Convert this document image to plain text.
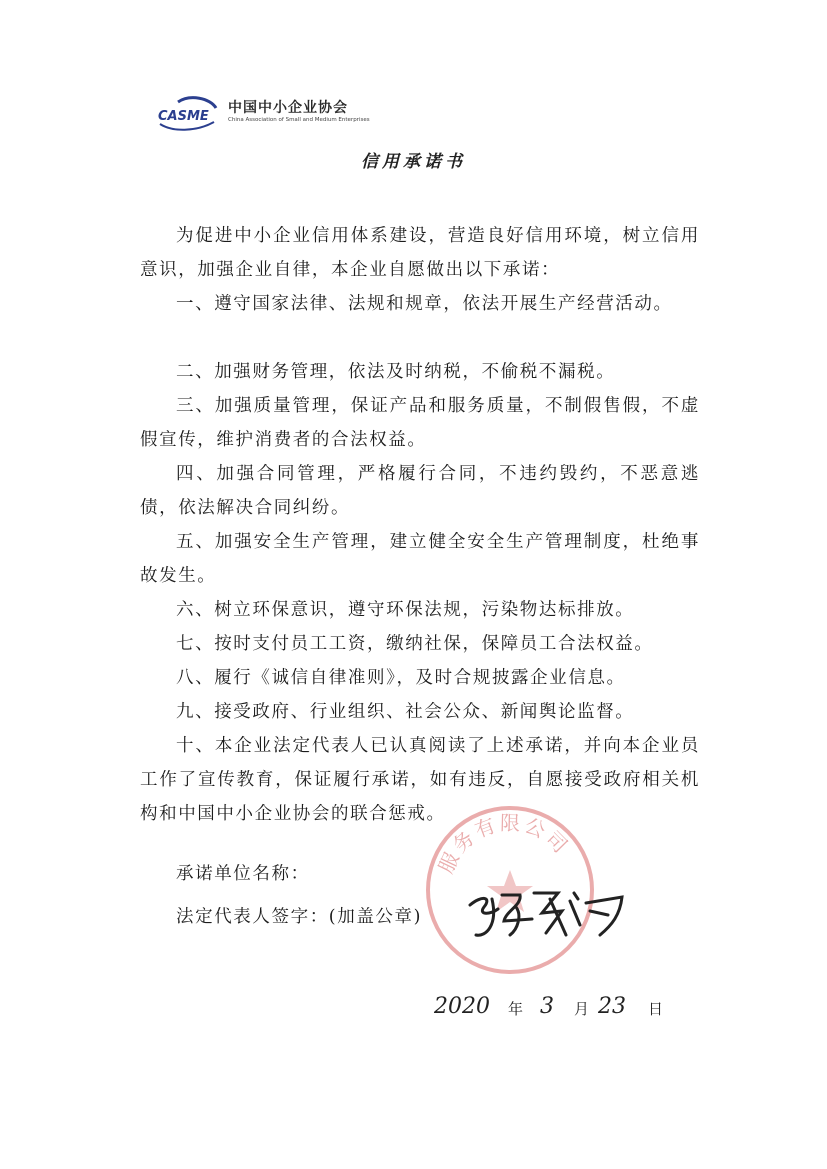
CASME
中国中小企业协会
China Association of Small and Medium Enterprises
信用承诺书
为促进中小企业信用体系建设，营造良好信用环境，树立信用意识，加强企业自律，本企业自愿做出以下承诺：
一、遵守国家法律、法规和规章，依法开展生产经营活动。
二、加强财务管理，依法及时纳税，不偷税不漏税。
三、加强质量管理，保证产品和服务质量，不制假售假，不虚假宣传，维护消费者的合法权益。
四、加强合同管理，严格履行合同，不违约毁约，不恶意逃债，依法解决合同纠纷。
五、加强安全生产管理，建立健全安全生产管理制度，杜绝事故发生。
六、树立环保意识，遵守环保法规，污染物达标排放。
七、按时支付员工工资，缴纳社保，保障员工合法权益。
八、履行《诚信自律准则》，及时合规披露企业信息。
九、接受政府、行业组织、社会公众、新闻舆论监督。
十、本企业法定代表人已认真阅读了上述承诺，并向本企业员工作了宣传教育，保证履行承诺，如有违反，自愿接受政府相关机构和中国中小企业协会的联合惩戒。
服务有限公司
承诺单位名称：
法定代表人签字：(加盖公章)
2020 年 3 月 23 日
